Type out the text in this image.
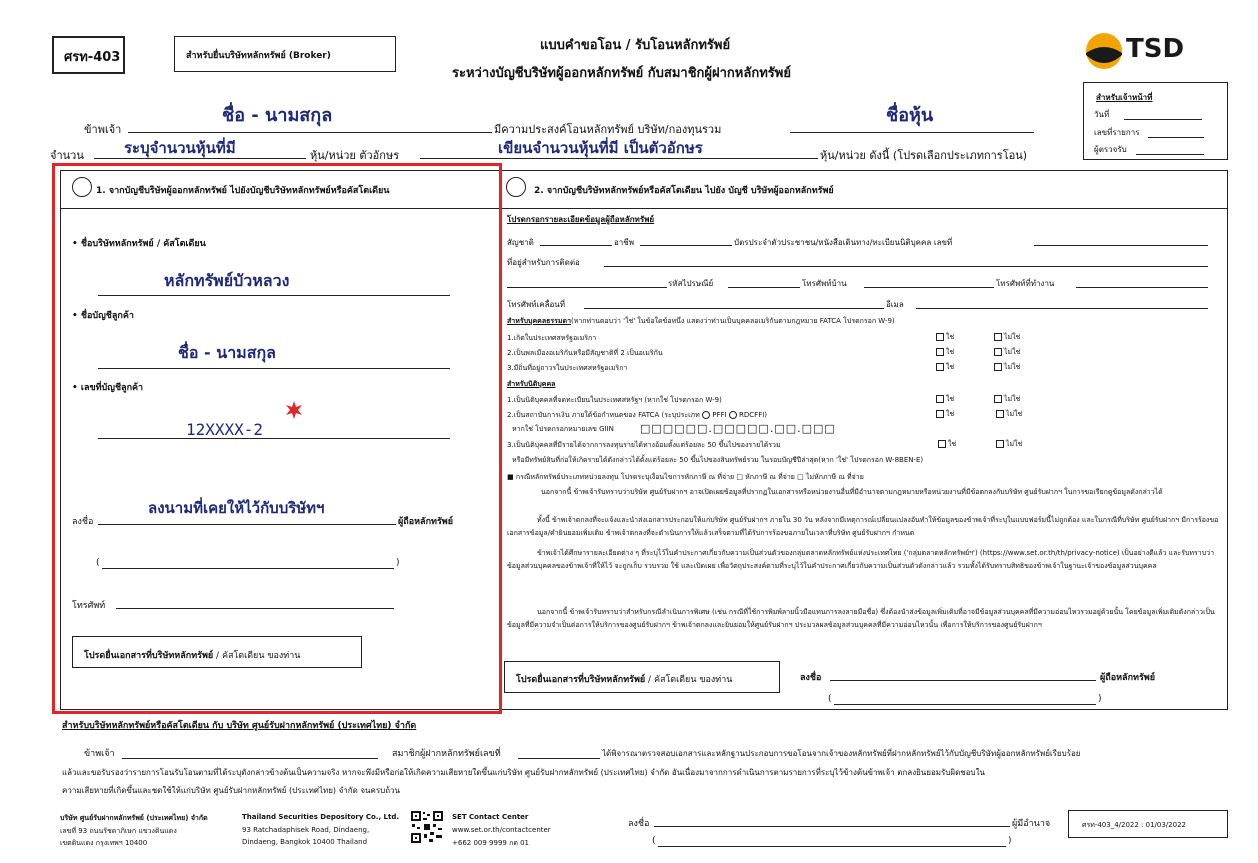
ศรท-403	สำหรับยื่นบริษัทหลักทรัพย์ (Broker)
แบบคำขอโอน / รับโอนหลักทรัพย์
ระหว่างบัญชีบริษัทผู้ออกหลักทรัพย์ กับสมาชิกผู้ฝากหลักทรัพย์
TSD
สำหรับเจ้าหน้าที่
วันที่
เลขที่รายการ
ผู้ตรวจรับ
ข้าพเจ้า
ชื่อ - นามสกุล
มีความประสงค์โอนหลักทรัพย์ บริษัท/กองทุนรวม
ชื่อหุ้น
จำนวน	ระบุจำนวนหุ้นที่มี	หุ้น/หน่วย ตัวอักษร	เขียนจำนวนหุ้นที่มี เป็นตัวอักษร	หุ้น/หน่วย ดังนี้ (โปรดเลือกประเภทการโอน)
1. จากบัญชีบริษัทผู้ออกหลักทรัพย์ ไปยังบัญชีบริษัทหลักทรัพย์หรือคัสโตเดียน
• ชื่อบริษัทหลักทรัพย์ / คัสโตเดียน
หลักทรัพย์บัวหลวง
• ชื่อบัญชีลูกค้า
ชื่อ - นามสกุล
• เลขที่บัญชีลูกค้า
12XXXX-2
ลงชื่อ
ลงนามที่เคยให้ไว้กับบริษัทฯ
ผู้ถือหลักทรัพย์
(	)
โทรศัพท์
โปรดยื่นเอกสารที่บริษัทหลักทรัพย์ / คัสโตเดียน ของท่าน
2. จากบัญชีบริษัทหลักทรัพย์หรือคัสโตเดียน ไปยัง บัญชี บริษัทผู้ออกหลักทรัพย์
โปรดกรอกรายละเอียดข้อมูลผู้ถือหลักทรัพย์
สัญชาติ	อาชีพ	บัตรประจำตัวประชาชน/หนังสือเดินทาง/ทะเบียนนิติบุคคล เลขที่
ที่อยู่สำหรับการติดต่อ
รหัสไปรษณีย์	โทรศัพท์บ้าน	โทรศัพท์ที่ทำงาน
โทรศัพท์เคลื่อนที่	อีเมล
สำหรับบุคคลธรรมดา(หากท่านตอบว่า 'ใช่' ในข้อใดข้อหนึ่ง แสดงว่าท่านเป็นบุคคลอเมริกันตามกฎหมาย FATCA โปรดกรอก W-9)
1.เกิดในประเทศสหรัฐอเมริกา	ใช่	ไม่ใช่
2.เป็นพลเมืองอเมริกันหรือมีสัญชาติที่ 2 เป็นอเมริกัน	ใช่	ไม่ใช่
3.มีถิ่นที่อยู่ถาวรในประเทศสหรัฐอเมริกา	ใช่	ไม่ใช่
สำหรับนิติบุคคล
1.เป็นนิติบุคคลที่จดทะเบียนในประเทศสหรัฐฯ (หากใช่ โปรดกรอก W-9)	ใช่	ไม่ใช่
2.เป็นสถาบันการเงิน ภายใต้ข้อกำหนดของ FATCA (ระบุประเภท PFFI RDCFFI)	ใช่	ไม่ใช่
หากใช่ โปรดกรอกหมายเลข GIIN □□□□□□.□□□□□.□□.□□□
3.เป็นนิติบุคคลที่มีรายได้จากการลงทุนรายได้ทางอ้อมตั้งแต่ร้อยละ 50 ขึ้นไปของรายได้รวม	ใช่	ไม่ใช่
หรือมีทรัพย์สินที่ก่อให้เกิดรายได้ดังกล่าวได้ตั้งแต่ร้อยละ 50 ขึ้นไปของสินทรัพย์รวม ในรอบบัญชีปีล่าสุด(หาก 'ใช่' โปรดกรอก W-8BEN-E)
■ กรณีหลักทรัพย์ประเภทหน่วยลงทุน โปรดระบุเงื่อนไขการหักภาษี ณ ที่จ่าย □ หักภาษี ณ ที่จ่าย □ ไม่หักภาษี ณ ที่จ่าย
นอกจากนี้ ข้าพเจ้ารับทราบว่าบริษัท ศูนย์รับฝากฯ อาจเปิดเผยข้อมูลที่ปรากฏในเอกสารหรือหน่วยงานอื่นที่มีอำนาจตามกฎหมายหรือหน่วยงานที่มีข้อตกลงกับบริษัท ศูนย์รับฝากฯ ในการขอเรียกดูข้อมูลดังกล่าวได้
ทั้งนี้ ข้าพเจ้าตกลงที่จะแจ้งและนำส่งเอกสารประกอบให้แก่บริษัท ศูนย์รับฝากฯ ภายใน 30 วัน หลังจากมีเหตุการณ์เปลี่ยนแปลงอันทำให้ข้อมูลของข้าพเจ้าที่ระบุในแบบฟอร์มนี้ไม่ถูกต้อง และในกรณีที่บริษัท ศูนย์รับฝากฯ มีการร้องขอเอกสารข้อมูล/คำยินยอมเพิ่มเติม ข้าพเจ้าตกลงที่จะดำเนินการให้แล้วเสร็จตามที่ได้รับการร้องขอภายในเวลาที่บริษัท ศูนย์รับฝากฯ กำหนด
ข้าพเจ้าได้ศึกษารายละเอียดต่าง ๆ ที่ระบุไว้ในคำประกาศเกี่ยวกับความเป็นส่วนตัวของกลุ่มตลาดหลักทรัพย์แห่งประเทศไทย ('กลุ่มตลาดหลักทรัพย์ฯ') (https://www.set.or.th/th/privacy-notice) เป็นอย่างดีแล้ว และรับทราบว่าข้อมูลส่วนบุคคลของข้าพเจ้าที่ให้ไว้ จะถูกเก็บ รวบรวม ใช้ และเปิดเผย เพื่อวัตถุประสงค์ตามที่ระบุไว้ในคำประกาศเกี่ยวกับความเป็นส่วนตัวดังกล่าวแล้ว รวมทั้งได้รับทราบสิทธิของข้าพเจ้าในฐานะเจ้าของข้อมูลส่วนบุคคล
นอกจากนี้ ข้าพเจ้ารับทราบว่าสำหรับกรณีลำเนินการพิเศษ (เช่น กรณีที่ใช้การพิมพ์ลายนิ้วมือแทนการลงลายมือชื่อ) ซึ่งต้องนำส่งข้อมูลเพิ่มเติมที่อาจมีข้อมูลส่วนบุคคลที่มีความอ่อนไหวรวมอยู่ด้วยนั้น โดยข้อมูลเพิ่มเติมดังกล่าวเป็นข้อมูลที่มีความจำเป็นต่อการให้บริการของศูนย์รับฝากฯ ข้าพเจ้าตกลงและยินยอมให้ศูนย์รับฝากฯ ประมวลผลข้อมูลส่วนบุคคลที่มีความอ่อนไหวนั้น เพื่อการให้บริการของศูนย์รับฝากฯ
โปรดยื่นเอกสารที่บริษัทหลักทรัพย์ / คัสโตเดียน ของท่าน	ลงชื่อ	ผู้ถือหลักทรัพย์
(	)
สำหรับบริษัทหลักทรัพย์หรือคัสโตเดียน กับ บริษัท ศูนย์รับฝากหลักทรัพย์ (ประเทศไทย) จำกัด
ข้าพเจ้า	สมาชิกผู้ฝากหลักทรัพย์เลขที่	ได้พิจารณาตรวจสอบเอกสารและหลักฐานประกอบการขอโอนจากเจ้าของหลักทรัพย์ที่ฝากหลักทรัพย์ไว้กับบัญชีบริษัทผู้ออกหลักทรัพย์เรียบร้อย
แล้วและขอรับรองว่ารายการโอนรับโอนตามที่ได้ระบุดังกล่าวข้างต้นเป็นความจริง หากจะพึงมีหรือก่อให้เกิดความเสียหายใดขึ้นแก่บริษัท ศูนย์รับฝากหลักทรัพย์ (ประเทศไทย) จำกัด อันเนื่องมาจากการดำเนินการตามรายการที่ระบุไว้ข้างต้นข้าพเจ้า ตกลงยินยอมรับผิดชอบใน
ความเสียหายที่เกิดขึ้นและชดใช้ให้แก่บริษัท ศูนย์รับฝากหลักทรัพย์ (ประเทศไทย) จำกัด จนครบถ้วน
บริษัท ศูนย์รับฝากหลักทรัพย์ (ประเทศไทย) จำกัด
เลขที่ 93 ถนนรัชดาภิเษก แขวงดินแดง
เขตดินแดง กรุงเทพฯ 10400
Thailand Securities Depository Co., Ltd.
93 Ratchadaphisek Road, Dindaeng,
Dindaeng, Bangkok 10400 Thailand
SET Contact Center
www.set.or.th/contactcenter
+662 009 9999 กด 01
ลงชื่อ	ผู้มีอำนาจ
(	)
ศรท-403_4/2022 : 01/03/2022
